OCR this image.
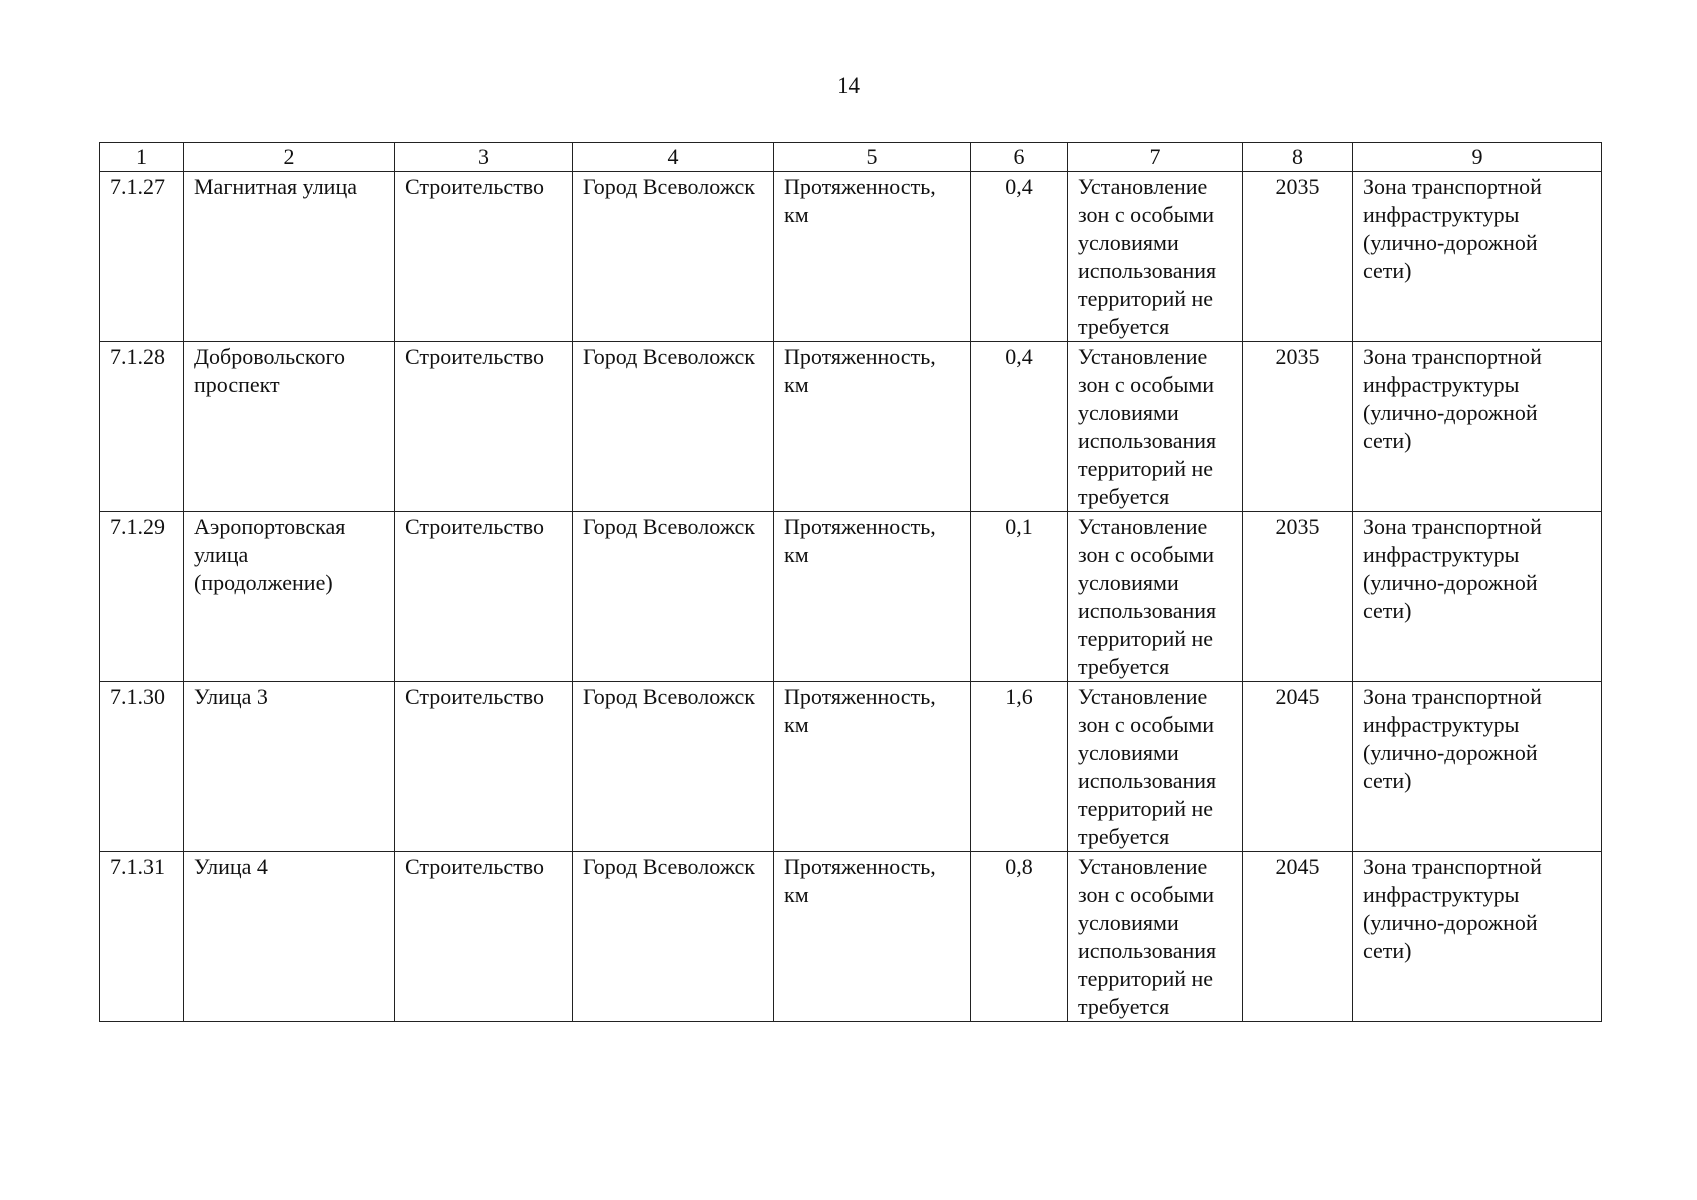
14
1	2	3	4	5	6	7	8	9
7.1.27	Магнитная улица	Строительство	Город Всеволожск	Протяженность, км	0,4	Установление зон с особыми условиями использования территорий не требуется	2035	Зона транспортной инфраструктуры (улично-дорожной сети)
7.1.28	Добровольского проспект	Строительство	Город Всеволожск	Протяженность, км	0,4	Установление зон с особыми условиями использования территорий не требуется	2035	Зона транспортной инфраструктуры (улично-дорожной сети)
7.1.29	Аэропортовская улица (продолжение)	Строительство	Город Всеволожск	Протяженность, км	0,1	Установление зон с особыми условиями использования территорий не требуется	2035	Зона транспортной инфраструктуры (улично-дорожной сети)
7.1.30	Улица 3	Строительство	Город Всеволожск	Протяженность, км	1,6	Установление зон с особыми условиями использования территорий не требуется	2045	Зона транспортной инфраструктуры (улично-дорожной сети)
7.1.31	Улица 4	Строительство	Город Всеволожск	Протяженность, км	0,8	Установление зон с особыми условиями использования территорий не требуется	2045	Зона транспортной инфраструктуры (улично-дорожной сети)
